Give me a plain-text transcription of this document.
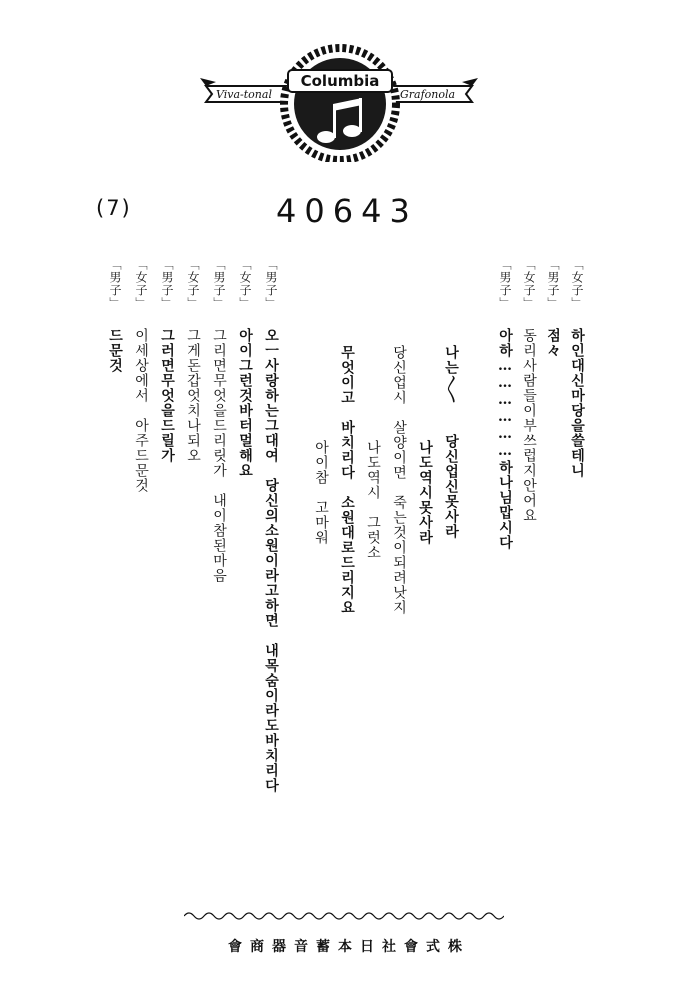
Viva-tonal
Columbia
Grafonola
(7)	40643
「女子」
하인대신마당을쓸테니
「男子」
점々
「女子」
동리사람들이부쓰럽지안어요
「男子」
아하………………하나님맙시다
나는〳〵　　당신업신못사라
나도역시못사라
당신업시　살양이면　죽는것이되려낫지
나도역시　그럿소
무엇이고　바치리다　소원대로드리지요
아이참　고마워
「男子」
오ㅡ사랑하는그대여　당신의소원이라고하면　내목숨이라도바치리다
「女子」
아이그런것바터멀해요
「男子」
그리면무엇을드리릿가　내이참된마음
「女子」
그게돈갑엇치나되오
「男子」
그러면무엇을드릴가
「女子」
이세상에서　아주드문것
「男子」
드문것
株式會社日本蓄音器商會
